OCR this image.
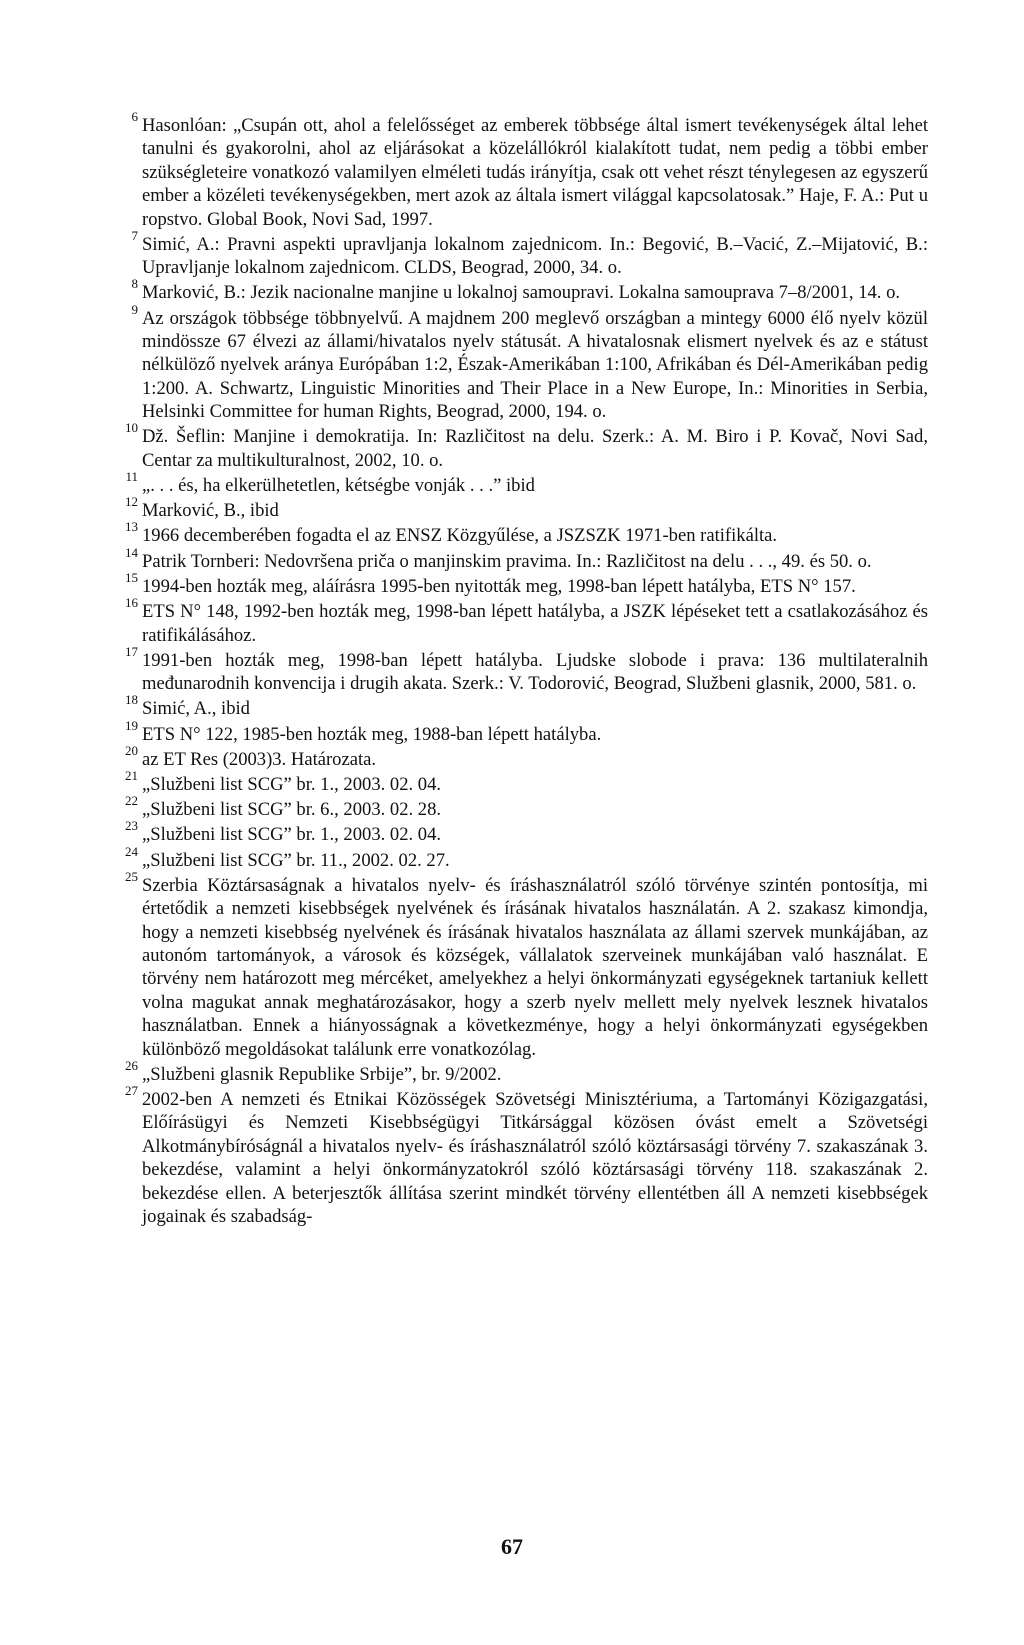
6 Hasonlóan: „Csupán ott, ahol a felelősséget az emberek többsége által ismert tevékenységek által lehet tanulni és gyakorolni, ahol az eljárásokat a közelállókról kialakított tudat, nem pedig a többi ember szükségleteire vonatkozó valamilyen elméleti tudás irányítja, csak ott vehet részt ténylegesen az egyszerű ember a közéleti tevékenységekben, mert azok az általa ismert világgal kapcsolatosak.” Haje, F. A.: Put u ropstvo. Global Book, Novi Sad, 1997.
7 Simić, A.: Pravni aspekti upravljanja lokalnom zajednicom. In.: Begović, B.–Vacić, Z.–Mijatović, B.: Upravljanje lokalnom zajednicom. CLDS, Beograd, 2000, 34. o.
8 Marković, B.: Jezik nacionalne manjine u lokalnoj samoupravi. Lokalna samouprava 7–8/2001, 14. o.
9 Az országok többsége többnyelvű. A majdnem 200 meglevő országban a mintegy 6000 élő nyelv közül mindössze 67 élvezi az állami/hivatalos nyelv státusát. A hivatalosnak elismert nyelvek és az e státust nélkülöző nyelvek aránya Európában 1:2, Észak-Amerikában 1:100, Afrikában és Dél-Amerikában pedig 1:200. A. Schwartz, Linguistic Minorities and Their Place in a New Europe, In.: Minorities in Serbia, Helsinki Committee for human Rights, Beograd, 2000, 194. o.
10 Dž. Šeflin: Manjine i demokratija. In: Različitost na delu. Szerk.: A. M. Biro i P. Kovač, Novi Sad, Centar za multikulturalnost, 2002, 10. o.
11 „. . . és, ha elkerülhetetlen, kétségbe vonják . . .” ibid
12 Marković, B., ibid
13 1966 decemberében fogadta el az ENSZ Közgyűlése, a JSZSZK 1971-ben ratifikálta.
14 Patrik Tornberi: Nedovršena priča o manjinskim pravima. In.: Različitost na delu . . ., 49. és 50. o.
15 1994-ben hozták meg, aláírásra 1995-ben nyitották meg, 1998-ban lépett hatályba, ETS N° 157.
16 ETS N° 148, 1992-ben hozták meg, 1998-ban lépett hatályba, a JSZK lépéseket tett a csatlakozásához és ratifikálásához.
17 1991-ben hozták meg, 1998-ban lépett hatályba. Ljudske slobode i prava: 136 multilateralnih međunarodnih konvencija i drugih akata. Szerk.: V. Todorović, Beograd, Službeni glasnik, 2000, 581. o.
18 Simić, A., ibid
19 ETS N° 122, 1985-ben hozták meg, 1988-ban lépett hatályba.
20 az ET Res (2003)3. Határozata.
21 „Službeni list SCG” br. 1., 2003. 02. 04.
22 „Službeni list SCG” br. 6., 2003. 02. 28.
23 „Službeni list SCG” br. 1., 2003. 02. 04.
24 „Službeni list SCG” br. 11., 2002. 02. 27.
25 Szerbia Köztársaságnak a hivatalos nyelv- és íráshasználatról szóló törvénye szintén pontosítja, mi értetődik a nemzeti kisebbségek nyelvének és írásának hivatalos használatán. A 2. szakasz kimondja, hogy a nemzeti kisebbség nyelvének és írásának hivatalos használata az állami szervek munkájában, az autonóm tartományok, a városok és községek, vállalatok szerveinek munkájában való használat. E törvény nem határozott meg mércéket, amelyekhez a helyi önkormányzati egységeknek tartaniuk kellett volna magukat annak meghatározásakor, hogy a szerb nyelv mellett mely nyelvek lesznek hivatalos használatban. Ennek a hiányosságnak a következménye, hogy a helyi önkormányzati egységekben különböző megoldásokat találunk erre vonatkozólag.
26 „Službeni glasnik Republike Srbije”, br. 9/2002.
27 2002-ben A nemzeti és Etnikai Közösségek Szövetségi Minisztériuma, a Tartományi Közigazgatási, Előírásügyi és Nemzeti Kisebbségügyi Titkársággal közösen óvást emelt a Szövetségi Alkotmánybíróságnál a hivatalos nyelv- és íráshasználatról szóló köztársasági törvény 7. szakaszának 3. bekezdése, valamint a helyi önkormányzatokról szóló köztársasági törvény 118. szakaszának 2. bekezdése ellen. A beterjesztők állítása szerint mindkét törvény ellentétben áll A nemzeti kisebbségek jogainak és szabadság-
67
